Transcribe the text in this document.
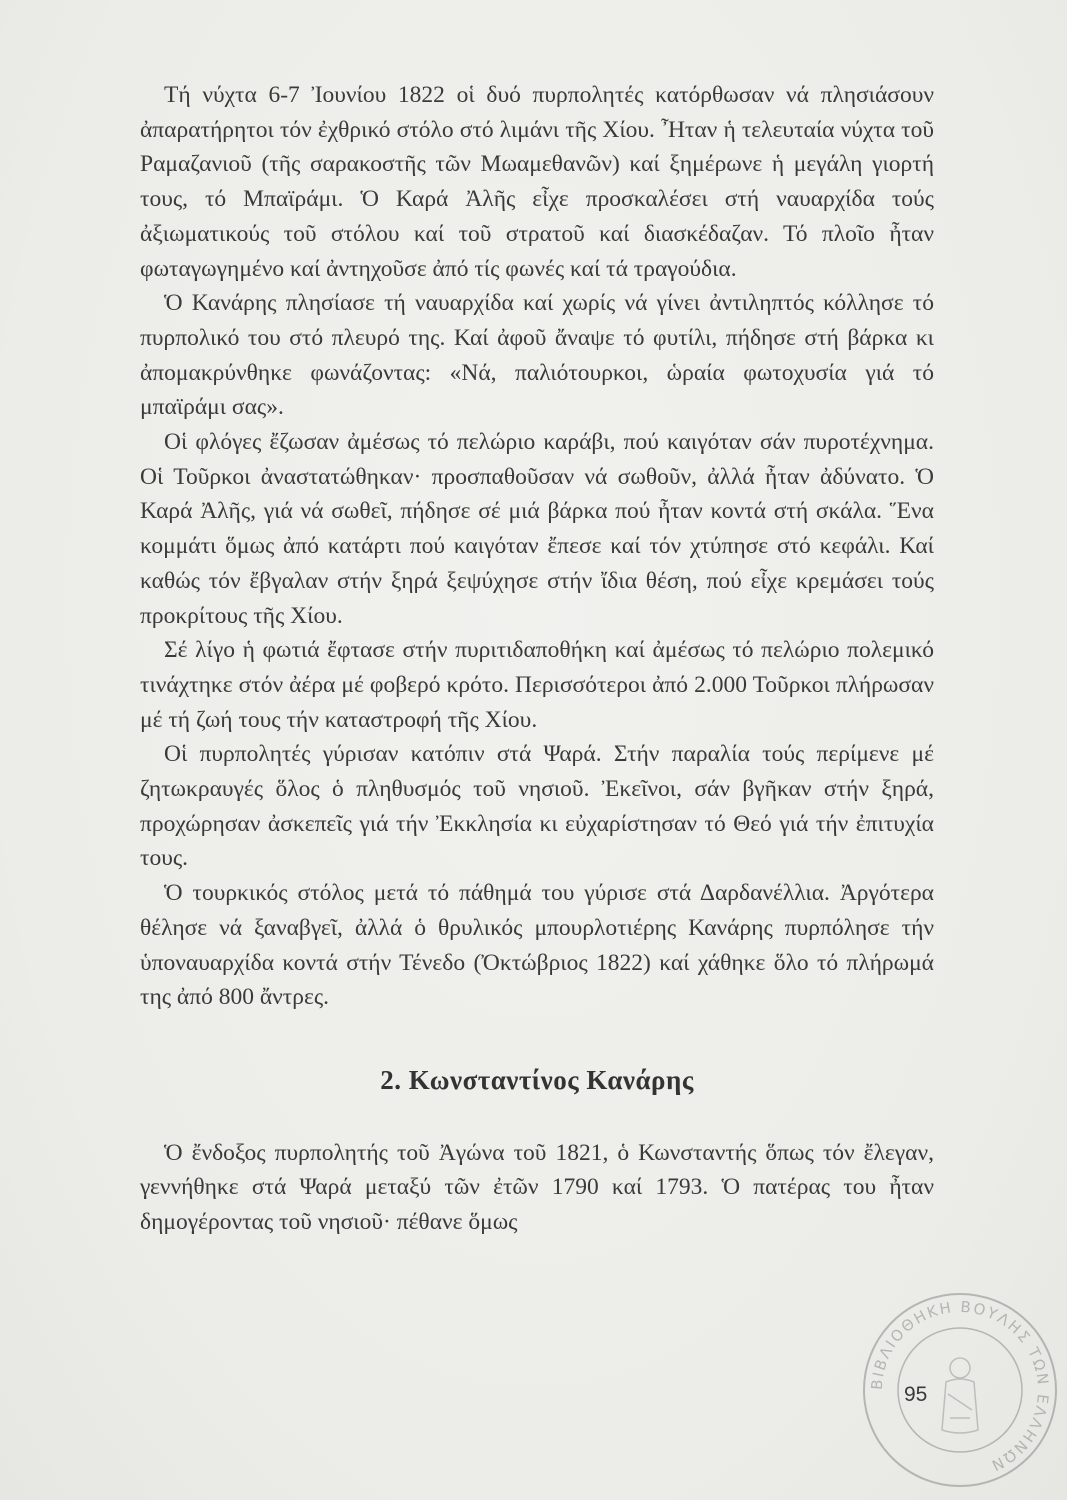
Τή νύχτα 6-7 Ἰουνίου 1822 οἱ δυό πυρπολητές κατόρθωσαν νά πλησιάσουν ἀπαρατήρητοι τόν ἐχθρικό στόλο στό λιμάνι τῆς Χίου. Ἦταν ἡ τελευταία νύχτα τοῦ Ραμαζανιοῦ (τῆς σαρακοστῆς τῶν Μωαμεθανῶν) καί ξημέρωνε ἡ μεγάλη γιορτή τους, τό Μπαϊράμι. Ὁ Καρά Ἀλῆς εἶχε προσκαλέσει στή ναυαρχίδα τούς ἀξιωματικούς τοῦ στόλου καί τοῦ στρατοῦ καί διασκέδαζαν. Τό πλοῖο ἦταν φωταγωγημένο καί ἀντηχοῦσε ἀπό τίς φωνές καί τά τραγούδια.

Ὁ Κανάρης πλησίασε τή ναυαρχίδα καί χωρίς νά γίνει ἀντιληπτός κόλλησε τό πυρπολικό του στό πλευρό της. Καί ἀφοῦ ἄναψε τό φυτίλι, πήδησε στή βάρκα κι ἀπομακρύνθηκε φωνάζοντας: «Νά, παλιότουρκοι, ὡραία φωτοχυσία γιά τό μπαϊράμι σας».

Οἱ φλόγες ἔζωσαν ἀμέσως τό πελώριο καράβι, πού καιγόταν σάν πυροτέχνημα. Οἱ Τοῦρκοι ἀναστατώθηκαν· προσπαθοῦσαν νά σωθοῦν, ἀλλά ἦταν ἀδύνατο. Ὁ Καρά Ἀλῆς, γιά νά σωθεῖ, πήδησε σέ μιά βάρκα πού ἦταν κοντά στή σκάλα. Ἕνα κομμάτι ὅμως ἀπό κατάρτι πού καιγόταν ἔπεσε καί τόν χτύπησε στό κεφάλι. Καί καθώς τόν ἔβγαλαν στήν ξηρά ξεψύχησε στήν ἴδια θέση, πού εἶχε κρεμάσει τούς προκρίτους τῆς Χίου.

Σέ λίγο ἡ φωτιά ἔφτασε στήν πυριτιδαποθήκη καί ἀμέσως τό πελώριο πολεμικό τινάχτηκε στόν ἀέρα μέ φοβερό κρότο. Περισσότεροι ἀπό 2.000 Τοῦρκοι πλήρωσαν μέ τή ζωή τους τήν καταστροφή τῆς Χίου.

Οἱ πυρπολητές γύρισαν κατόπιν στά Ψαρά. Στήν παραλία τούς περίμενε μέ ζητωκραυγές ὅλος ὁ πληθυσμός τοῦ νησιοῦ. Ἐκεῖνοι, σάν βγῆκαν στήν ξηρά, προχώρησαν ἀσκεπεῖς γιά τήν Ἐκκλησία κι εὐχαρίστησαν τό Θεό γιά τήν ἐπιτυχία τους.

Ὁ τουρκικός στόλος μετά τό πάθημά του γύρισε στά Δαρδανέλλια. Ἀργότερα θέλησε νά ξαναβγεῖ, ἀλλά ὁ θρυλικός μπουρλοτιέρης Κανάρης πυρπόλησε τήν ὑποναυαρχίδα κοντά στήν Τένεδο (Ὀκτώβριος 1822) καί χάθηκε ὅλο τό πλήρωμά της ἀπό 800 ἄντρες.

2. Κωνσταντίνος Κανάρης

Ὁ ἔνδοξος πυρπολητής τοῦ Ἀγώνα τοῦ 1821, ὁ Κωνσταντής ὅπως τόν ἔλεγαν, γεννήθηκε στά Ψαρά μεταξύ τῶν ἐτῶν 1790 καί 1793. Ὁ πατέρας του ἦταν δημογέροντας τοῦ νησιοῦ· πέθανε ὅμως

ΒΙΒΛΙΟΘΗΚΗ ΒΟΥΛΗΣ ΤΩΝ ΕΛΛΗΝΩΝ
95
